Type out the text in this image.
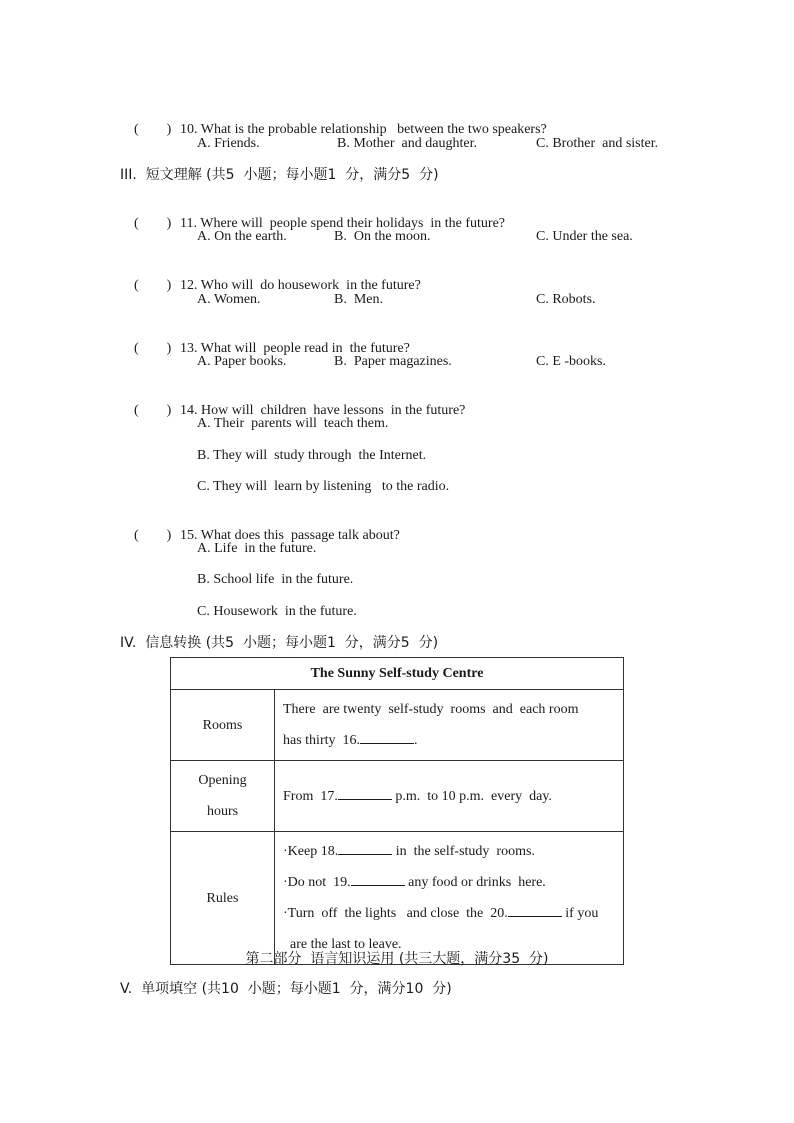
(        ) 10. What is the probable relationship   between the two speakers?

A. Friends.	B. Mother  and daughter.	C. Brother  and sister.
III.  短文理解 (共5  小题；每小题1  分，满分5  分)

(        ) 11. Where will  people spend their holidays  in the future?

A. On the earth.	B.  On the moon.	C. Under the sea.

(        ) 12. Who will  do housework  in the future?

A. Women.	B.  Men.	C. Robots.

(        ) 13. What will  people read in  the future?

A. Paper books.	B.  Paper magazines.	C. E -books.

(        ) 14. How will  children  have lessons  in the future?

A. Their  parents will  teach them.
B. They will  study through  the Internet.
C. They will  learn by listening   to the radio.

(        ) 15. What does this  passage talk about?

A. Life  in the future.
B. School life  in the future.
C. Housework  in the future.
IV.  信息转换 (共5  小题；每小题1  分，满分5  分)
The Sunny Self-study Centre	
Rooms	There  are twenty  self-study  rooms  and  each room
has thirty  16. .

Opening
hours	From  17. p.m.  to 10 p.m.  every  day.

Rules	·Keep 18. in  the self-study  rooms.
·Do not  19. any food or drinks  here.
·Turn  off  the lights   and close  the  20. if you
are the last to leave.
第二部分  语言知识运用 (共三大题，满分35  分)
V.  单项填空 (共10  小题；每小题1  分，满分10  分)
